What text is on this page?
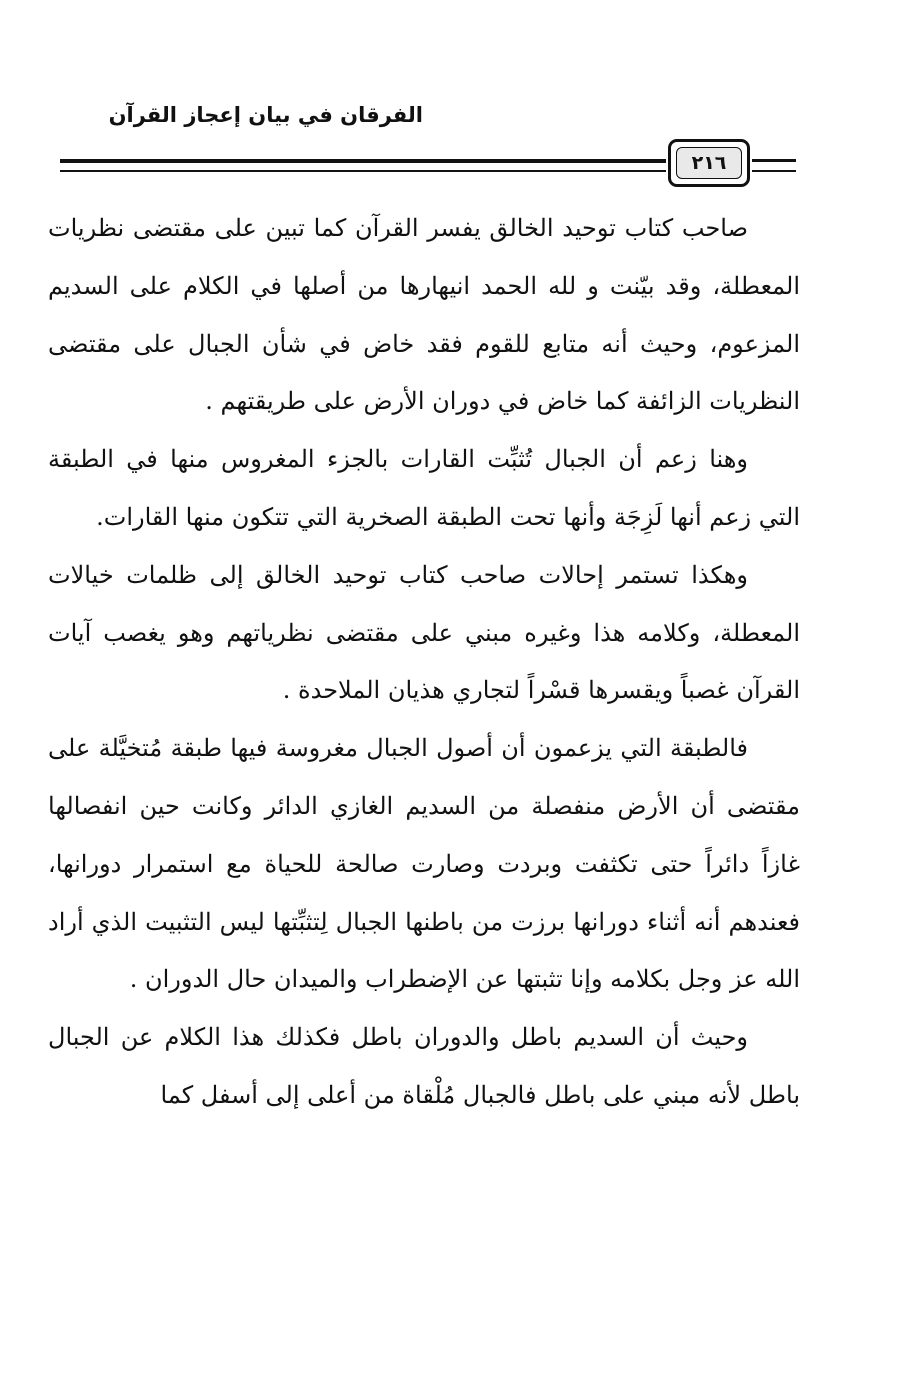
الفرقان في بيان إعجاز القرآن
٢١٦

صاحب كتاب توحيد الخالق يفسر القرآن كما تبين على مقتضى نظريات المعطلة، وقد بيّنت و لله الحمد انيهارها من أصلها في الكلام على السديم المزعوم، وحيث أنه متابع للقوم فقد خاض في شأن الجبال على مقتضى النظريات الزائفة كما خاض في دوران الأرض على طريقتهم .

وهنا زعم أن الجبال تُثبِّت القارات بالجزء المغروس منها في الطبقة التي زعم أنها لَزِجَة وأنها تحت الطبقة الصخرية التي تتكون منها القارات.

وهكذا تستمر إحالات صاحب كتاب توحيد الخالق إلى ظلمات خيالات المعطلة، وكلامه هذا وغيره مبني على مقتضى نظرياتهم وهو يغصب آيات القرآن غصباً ويقسرها قسْراً لتجاري هذيان الملاحدة .

فالطبقة التي يزعمون أن أصول الجبال مغروسة فيها طبقة مُتخيَّلة على مقتضى أن الأرض منفصلة من السديم الغازي الدائر وكانت حين انفصالها غازاً دائراً حتى تكثفت وبردت وصارت صالحة للحياة مع استمرار دورانها، فعندهم أنه أثناء دورانها برزت من باطنها الجبال لِتثبِّتها ليس التثبيت الذي أراد الله عز وجل بكلامه وإنا تثبتها عن الإضطراب والميدان حال الدوران .

وحيث أن السديم باطل والدوران باطل فكذلك هذا الكلام عن الجبال باطل لأنه مبني على باطل فالجبال مُلْقاة من أعلى إلى أسفل كما
